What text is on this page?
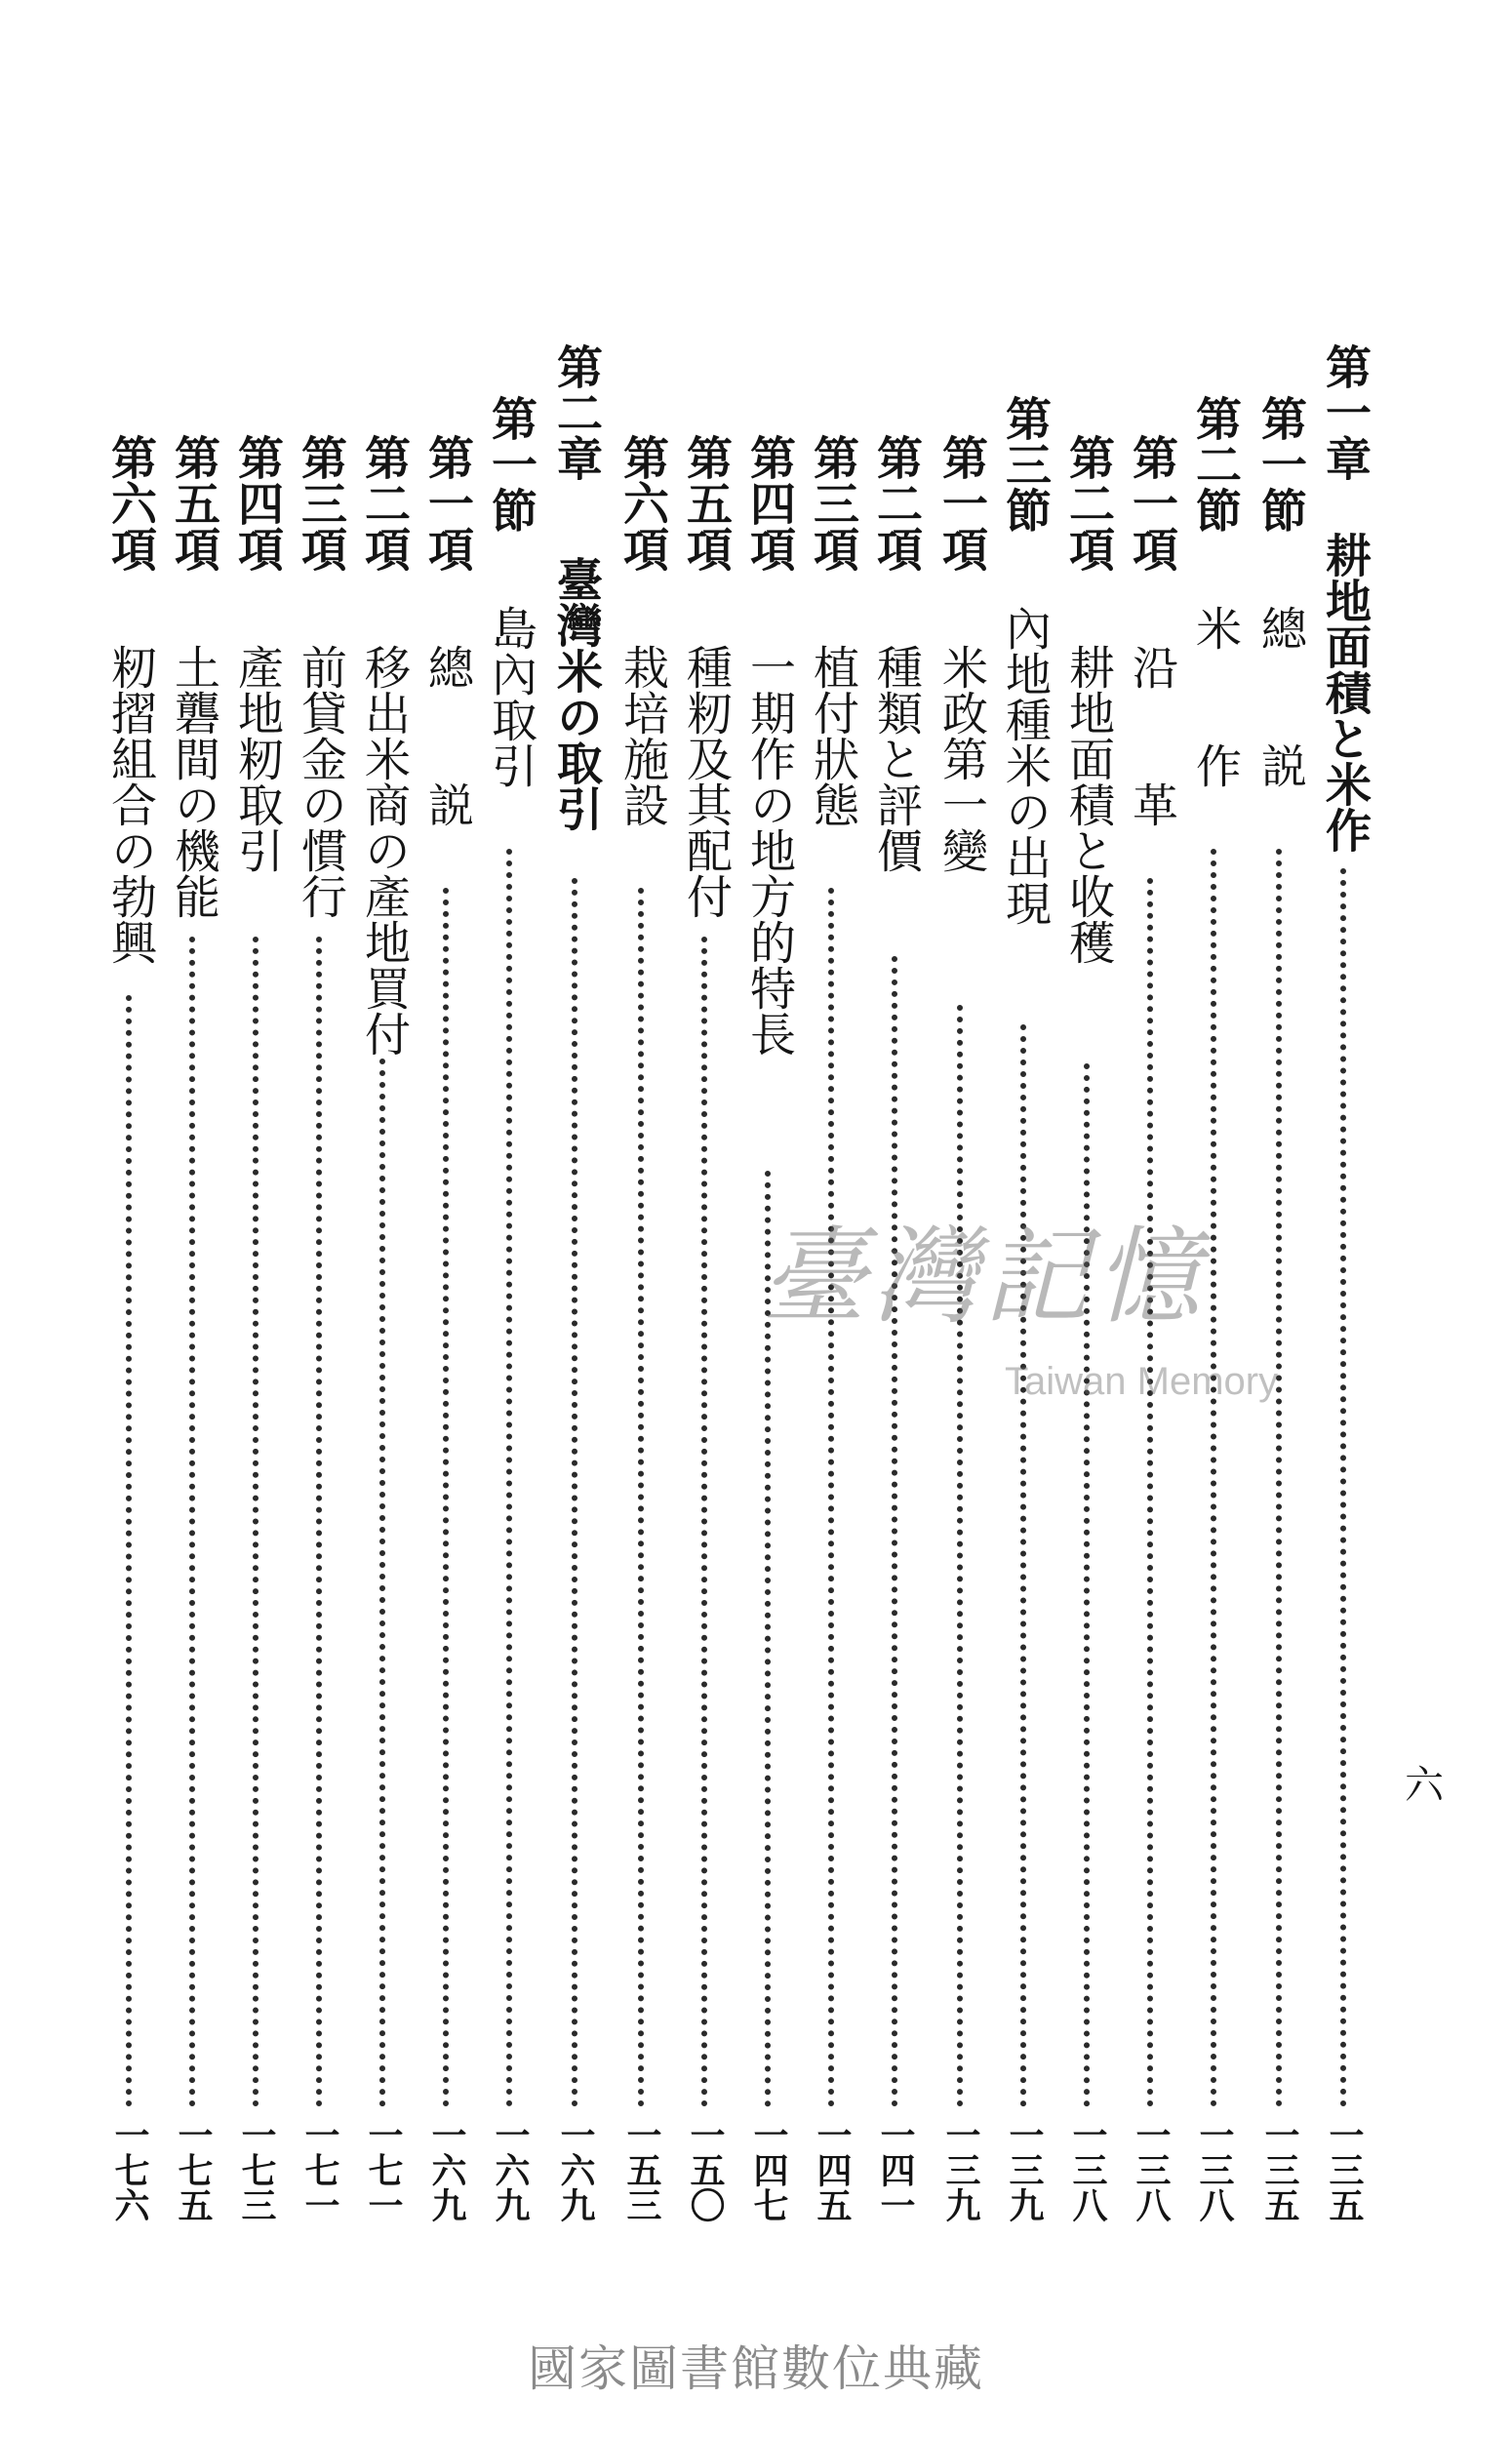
第一章
耕地面積と米作
一三五
第一節
總　　説
一三五
第二節
米　　作
一三八
第一項
沿　　革
一三八
第二項
耕地面積と收穫
一三八
第三節
內地種米の出現
一三九
第一項
米政第一變
一三九
第二項
種類と評價
一四一
第三項
植付狀態
一四五
第四項
一期作の地方的特長
一四七
第五項
種籾及其配付
一五〇
第六項
栽培施設
一五三
第二章
臺灣米の取引
一六九
第一節
島內取引
一六九
第一項
總　　説
一六九
第二項
移出米商の產地買付
一七一
第三項
前貸金の慣行
一七一
第四項
產地籾取引
一七三
第五項
土礱間の機能
一七五
第六項
籾摺組合の勃興
一七六
六
臺灣記憶
Taiwan Memory
國家圖書館數位典藏
